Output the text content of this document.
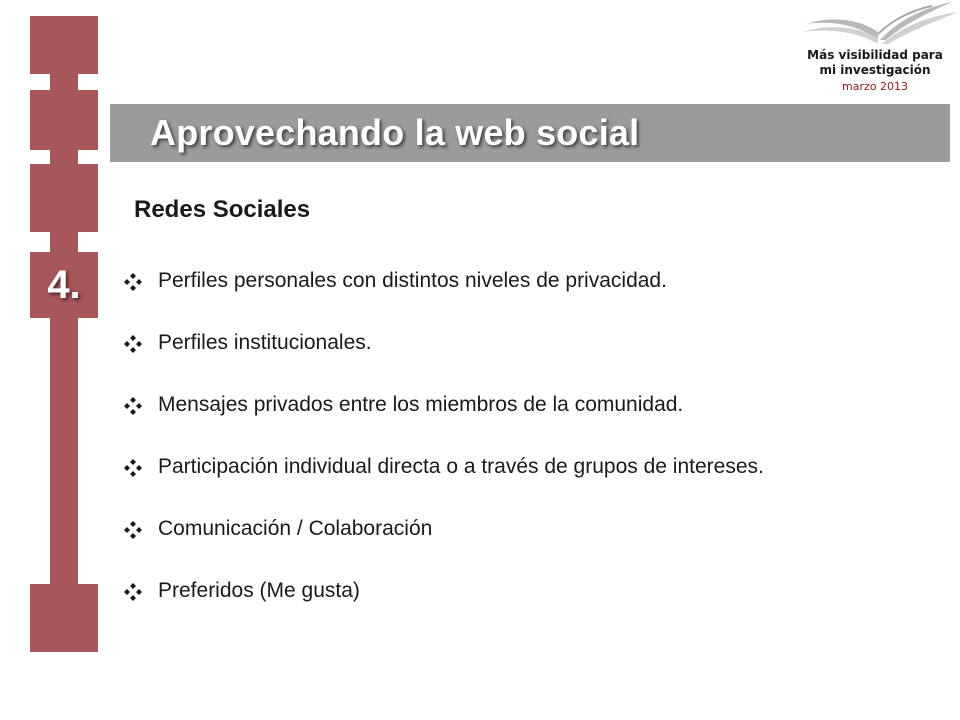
4.
Más visibilidad para
mi investigación
marzo 2013
Aprovechando la web social
Redes Sociales
Perfiles personales con distintos niveles de privacidad.
Perfiles institucionales.
Mensajes privados entre los miembros de la comunidad.
Participación individual directa o a través de grupos de intereses.
Comunicación / Colaboración
Preferidos (Me gusta)
